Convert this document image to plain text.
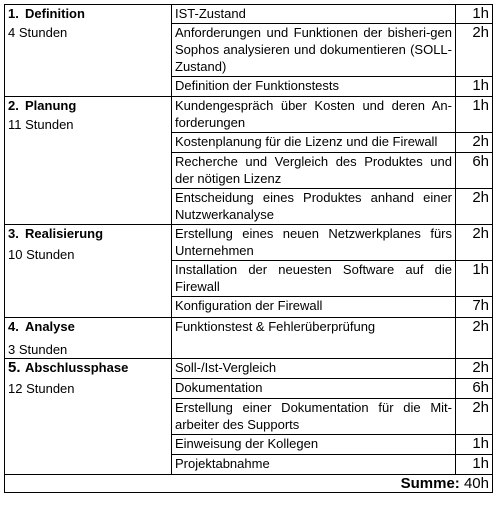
1. Definition
4 Stunden	IST-Zustand	1h
	Anforderungen und Funktionen der bisheri-gen Sophos analysieren und dokumentieren (SOLL-Zustand)	2h
	Definition der Funktionstests	1h

2. Planung
11 Stunden	Kundengespräch über Kosten und deren An-forderungen	1h
	Kostenplanung für die Lizenz und die Firewall	2h
	Recherche und Vergleich des Produktes und der nötigen Lizenz	6h
	Entscheidung eines Produktes anhand einer Nutzwerkanalyse	2h

3. Realisierung
10 Stunden	Erstellung eines neuen Netzwerkplanes fürs Unternehmen	2h
	Installation der neuesten Software auf die Firewall	1h
	Konfiguration der Firewall	7h

4. Analyse
3 Stunden	Funktionstest & Fehlerüberprüfung	2h

5. Abschlussphase
12 Stunden	Soll-/Ist-Vergleich	2h
	Dokumentation	6h
	Erstellung einer Dokumentation für die Mit-arbeiter des Supports	2h
	Einweisung der Kollegen	1h
	Projektabnahme	1h
Summe: 40h		
